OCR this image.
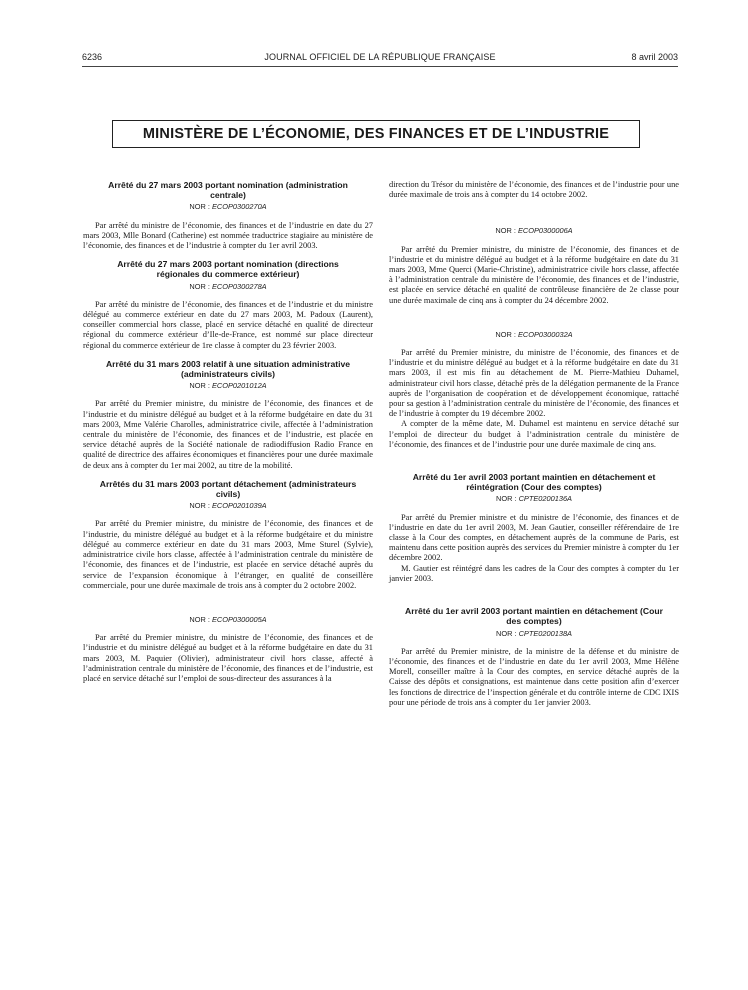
6236	JOURNAL OFFICIEL DE LA RÉPUBLIQUE FRANÇAISE	8 avril 2003
MINISTÈRE DE L’ÉCONOMIE, DES FINANCES ET DE L’INDUSTRIE
Arrêté du 27 mars 2003 portant nomination (administration centrale)
NOR : ECOP0300270A

Par arrêté du ministre de l’économie, des finances et de l’industrie en date du 27 mars 2003, Mlle Bonard (Catherine) est nommée traductrice stagiaire au ministère de l’économie, des finances et de l’industrie à compter du 1er avril 2003.

Arrêté du 27 mars 2003 portant nomination (directions régionales du commerce extérieur)
NOR : ECOP0300278A

Par arrêté du ministre de l’économie, des finances et de l’industrie et du ministre délégué au commerce extérieur en date du 27 mars 2003, M. Padoux (Laurent), conseiller commercial hors classe, placé en service détaché en qualité de directeur régional du commerce extérieur d’Ile-de-France, est nommé sur place directeur régional du commerce extérieur de 1re classe à compter du 23 février 2003.

Arrêté du 31 mars 2003 relatif à une situation administrative (administrateurs civils)
NOR : ECOP0201012A

Par arrêté du Premier ministre, du ministre de l’économie, des finances et de l’industrie et du ministre délégué au budget et à la réforme budgétaire en date du 31 mars 2003, Mme Valérie Charolles, administratrice civile, affectée à l’administration centrale du ministère de l’économie, des finances et de l’industrie, est placée en service détaché auprès de la Société nationale de radiodiffusion Radio France en qualité de directrice des affaires économiques et financières pour une durée maximale de deux ans à compter du 1er mai 2002, au titre de la mobilité.

Arrêtés du 31 mars 2003 portant détachement (administrateurs civils)
NOR : ECOP0201039A

Par arrêté du Premier ministre, du ministre de l’économie, des finances et de l’industrie, du ministre délégué au budget et à la réforme budgétaire et du ministre délégué au commerce extérieur en date du 31 mars 2003, Mme Sturel (Sylvie), administratrice civile hors classe, affectée à l’administration centrale du ministère de l’économie, des finances et de l’industrie, est placée en service détaché auprès du service de l’expansion économique à l’étranger, en qualité de conseillère commerciale, pour une durée maximale de trois ans à compter du 2 octobre 2002.

NOR : ECOP0300005A

Par arrêté du Premier ministre, du ministre de l’économie, des finances et de l’industrie et du ministre délégué au budget et à la réforme budgétaire en date du 31 mars 2003, M. Paquier (Olivier), administrateur civil hors classe, affecté à l’administration centrale du ministère de l’économie, des finances et de l’industrie, est placé en service détaché sur l’emploi de sous-directeur des assurances à la

direction du Trésor du ministère de l’économie, des finances et de l’industrie pour une durée maximale de trois ans à compter du 14 octobre 2002.

NOR : ECOP0300006A

Par arrêté du Premier ministre, du ministre de l’économie, des finances et de l’industrie et du ministre délégué au budget et à la réforme budgétaire en date du 31 mars 2003, Mme Querci (Marie-Christine), administratrice civile hors classe, affectée à l’administration centrale du ministère de l’économie, des finances et de l’industrie, est placée en service détaché en qualité de contrôleuse financière de 2e classe pour une durée maximale de cinq ans à compter du 24 décembre 2002.

NOR : ECOP0300032A

Par arrêté du Premier ministre, du ministre de l’économie, des finances et de l’industrie et du ministre délégué au budget et à la réforme budgétaire en date du 31 mars 2003, il est mis fin au détachement de M. Pierre-Mathieu Duhamel, administrateur civil hors classe, détaché près de la délégation permanente de la France auprès de l’organisation de coopération et de développement économique, rattaché pour sa gestion à l’administration centrale du ministère de l’économie, des finances et de l’industrie à compter du 19 décembre 2002.

A compter de la même date, M. Duhamel est maintenu en service détaché sur l’emploi de directeur du budget à l’administration centrale du ministère de l’économie, des finances et de l’industrie pour une durée maximale de cinq ans.

Arrêté du 1er avril 2003 portant maintien en détachement et réintégration (Cour des comptes)
NOR : CPTE0200136A

Par arrêté du Premier ministre et du ministre de l’économie, des finances et de l’industrie en date du 1er avril 2003, M. Jean Gautier, conseiller référendaire de 1re classe à la Cour des comptes, en détachement auprès de la commune de Paris, est maintenu dans cette position auprès des services du Premier ministre à compter du 1er décembre 2002.

M. Gautier est réintégré dans les cadres de la Cour des comptes à compter du 1er janvier 2003.

Arrêté du 1er avril 2003 portant maintien en détachement (Cour des comptes)
NOR : CPTE0200138A

Par arrêté du Premier ministre, de la ministre de la défense et du ministre de l’économie, des finances et de l’industrie en date du 1er avril 2003, Mme Hélène Morell, conseiller maître à la Cour des comptes, en service détaché auprès de la Caisse des dépôts et consignations, est maintenue dans cette position afin d’exercer les fonctions de directrice de l’inspection générale et du contrôle interne de CDC IXIS pour une période de trois ans à compter du 1er janvier 2003.
